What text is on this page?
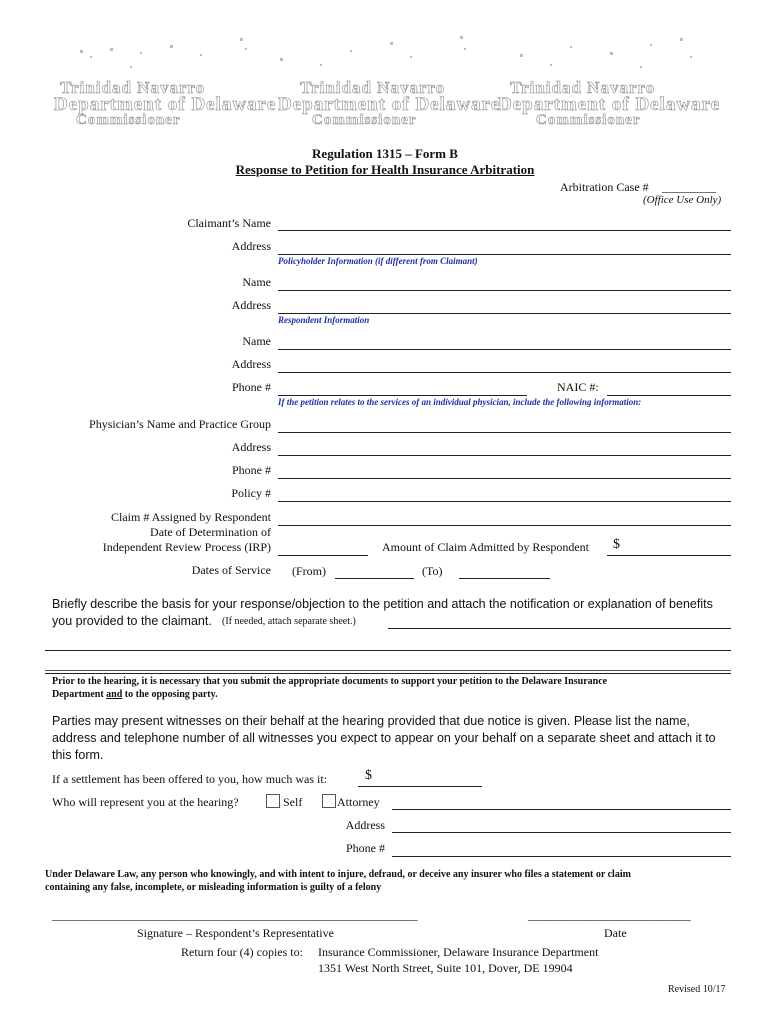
Trinidad Navarro	Trinidad Navarro	Trinidad Navarro
Department of Delaware Department of Delaware
Department of Delaware
Commissioner	Commissioner	Commissioner
Regulation 1315 – Form B
Response to Petition for Health Insurance Arbitration
Arbitration Case # _________
(Office Use Only)
Claimant’s Name
Address
Policyholder Information (if different from Claimant)
Name
Address
Respondent Information
Name
Address
Phone #	NAIC #:
If the petition relates to the services of an individual physician, include the following information:
Physician’s Name and Practice Group
Address
Phone #
Policy #
Claim # Assigned by Respondent
Date of Determination of
Independent Review Process (IRP)	Amount of Claim Admitted by Respondent $
Dates of Service (From)	(To)
Briefly describe the basis for your response/objection to the petition and attach the notification or explanation of benefits
you provided to the claimant. (If needed, attach separate sheet.)
Prior to the hearing, it is necessary that you submit the appropriate documents to support your petition to the Delaware Insurance
Department and to the opposing party.
Parties may present witnesses on their behalf at the hearing provided that due notice is given. Please list the name,
address and telephone number of all witnesses you expect to appear on your behalf on a separate sheet and attach it to
this form.
If a settlement has been offered to you, how much was it:	$
Who will represent you at the hearing?	Self	Attorney
Address
Phone #
Under Delaware Law, any person who knowingly, and with intent to injure, defraud, or deceive any insurer who files a statement or claim
containing any false, incomplete, or misleading information is guilty of a felony
_______________________________________________________________
Signature – Respondent’s Representative
_____________________________
Date
Return four (4) copies to: Insurance Commissioner, Delaware Insurance Department
1351 West North Street, Suite 101, Dover, DE 19904
Revised 10/17
